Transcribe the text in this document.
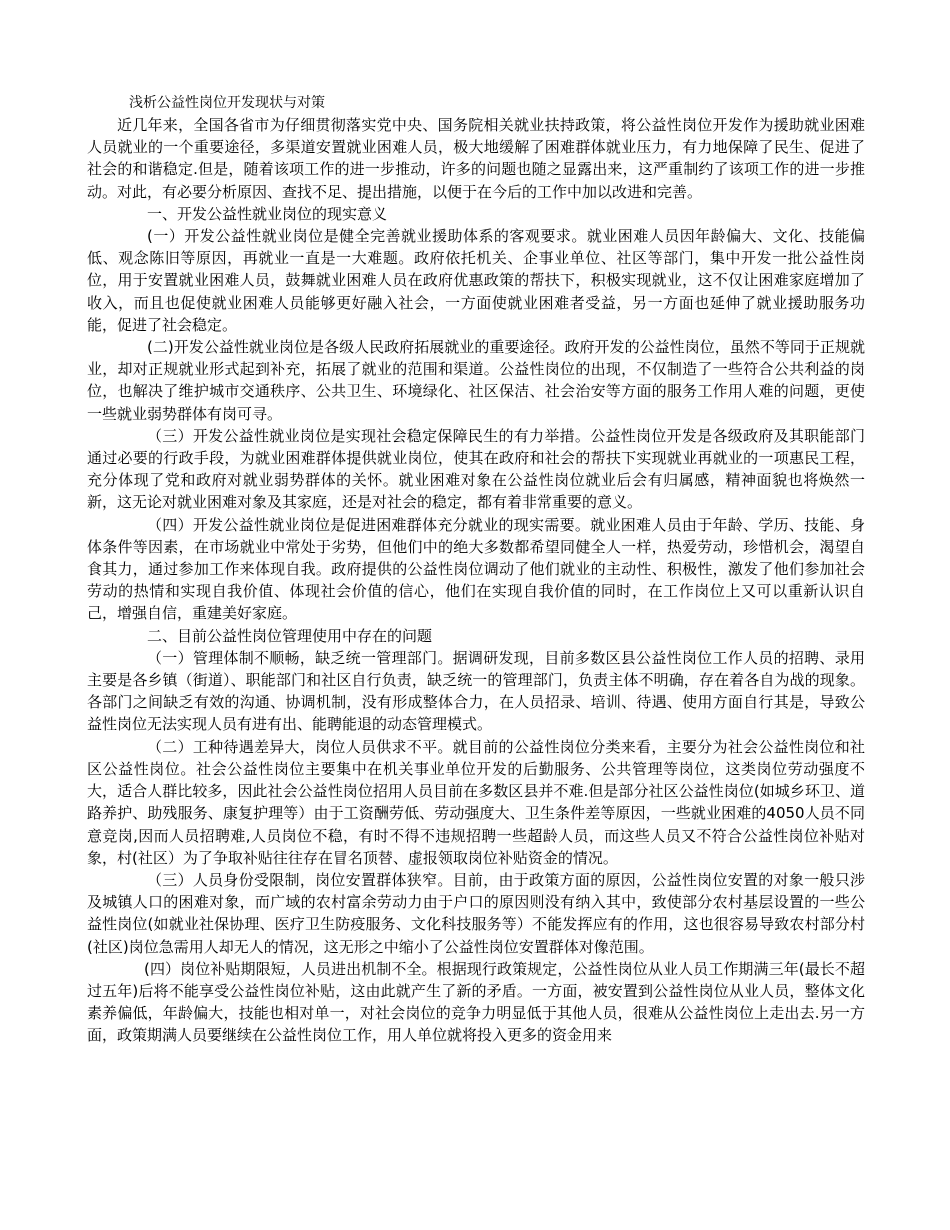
浅析公益性岗位开发现状与对策

近几年来，全国各省市为仔细贯彻落实党中央、国务院相关就业扶持政策，将公益性岗位开发作为援助就业困难人员就业的一个重要途径，多渠道安置就业困难人员，极大地缓解了困难群体就业压力，有力地保障了民生、促进了社会的和谐稳定.但是，随着该项工作的进一步推动，许多的问题也随之显露出来，这严重制约了该项工作的进一步推动。对此，有必要分析原因、查找不足、提出措施，以便于在今后的工作中加以改进和完善。

一、开发公益性就业岗位的现实意义

(一）开发公益性就业岗位是健全完善就业援助体系的客观要求。就业困难人员因年龄偏大、文化、技能偏低、观念陈旧等原因，再就业一直是一大难题。政府依托机关、企事业单位、社区等部门，集中开发一批公益性岗位，用于安置就业困难人员，鼓舞就业困难人员在政府优惠政策的帮扶下，积极实现就业，这不仅让困难家庭增加了收入，而且也促使就业困难人员能够更好融入社会，一方面使就业困难者受益，另一方面也延伸了就业援助服务功能，促进了社会稳定。

(二)开发公益性就业岗位是各级人民政府拓展就业的重要途径。政府开发的公益性岗位，虽然不等同于正规就业，却对正规就业形式起到补充，拓展了就业的范围和渠道。公益性岗位的出现，不仅制造了一些符合公共利益的岗位，也解决了维护城市交通秩序、公共卫生、环境绿化、社区保洁、社会治安等方面的服务工作用人难的问题，更使一些就业弱势群体有岗可寻。

（三）开发公益性就业岗位是实现社会稳定保障民生的有力举措。公益性岗位开发是各级政府及其职能部门通过必要的行政手段，为就业困难群体提供就业岗位，使其在政府和社会的帮扶下实现就业再就业的一项惠民工程，充分体现了党和政府对就业弱势群体的关怀。就业困难对象在公益性岗位就业后会有归属感，精神面貌也将焕然一新，这无论对就业困难对象及其家庭，还是对社会的稳定，都有着非常重要的意义。

（四）开发公益性就业岗位是促进困难群体充分就业的现实需要。就业困难人员由于年龄、学历、技能、身体条件等因素，在市场就业中常处于劣势，但他们中的绝大多数都希望同健全人一样，热爱劳动，珍惜机会，渴望自食其力，通过参加工作来体现自我。政府提供的公益性岗位调动了他们就业的主动性、积极性，激发了他们参加社会劳动的热情和实现自我价值、体现社会价值的信心，他们在实现自我价值的同时，在工作岗位上又可以重新认识自己，增强自信，重建美好家庭。

二、目前公益性岗位管理使用中存在的问题

（一）管理体制不顺畅，缺乏统一管理部门。据调研发现，目前多数区县公益性岗位工作人员的招聘、录用主要是各乡镇（街道）、职能部门和社区自行负责，缺乏统一的管理部门，负责主体不明确，存在着各自为战的现象。各部门之间缺乏有效的沟通、协调机制，没有形成整体合力，在人员招录、培训、待遇、使用方面自行其是，导致公益性岗位无法实现人员有进有出、能聘能退的动态管理模式。

（二）工种待遇差异大，岗位人员供求不平。就目前的公益性岗位分类来看，主要分为社会公益性岗位和社区公益性岗位。社会公益性岗位主要集中在机关事业单位开发的后勤服务、公共管理等岗位，这类岗位劳动强度不大，适合人群比较多，因此社会公益性岗位招用人员目前在多数区县并不难.但是部分社区公益性岗位(如城乡环卫、道路养护、助残服务、康复护理等）由于工资酬劳低、劳动强度大、卫生条件差等原因，一些就业困难的4050人员不同意竞岗,因而人员招聘难,人员岗位不稳，有时不得不违规招聘一些超龄人员，而这些人员又不符合公益性岗位补贴对象，村(社区）为了争取补贴往往存在冒名顶替、虚报领取岗位补贴资金的情况。

（三）人员身份受限制，岗位安置群体狭窄。目前，由于政策方面的原因，公益性岗位安置的对象一般只涉及城镇人口的困难对象，而广域的农村富余劳动力由于户口的原因则没有纳入其中，致使部分农村基层设置的一些公益性岗位(如就业社保协理、医疗卫生防疫服务、文化科技服务等）不能发挥应有的作用，这也很容易导致农村部分村(社区)岗位急需用人却无人的情况，这无形之中缩小了公益性岗位安置群体对像范围。

(四）岗位补贴期限短，人员进出机制不全。根据现行政策规定，公益性岗位从业人员工作期满三年(最长不超过五年)后将不能享受公益性岗位补贴，这由此就产生了新的矛盾。一方面，被安置到公益性岗位从业人员，整体文化素养偏低，年龄偏大，技能也相对单一，对社会岗位的竞争力明显低于其他人员，很难从公益性岗位上走出去.另一方面，政策期满人员要继续在公益性岗位工作，用人单位就将投入更多的资金用来
